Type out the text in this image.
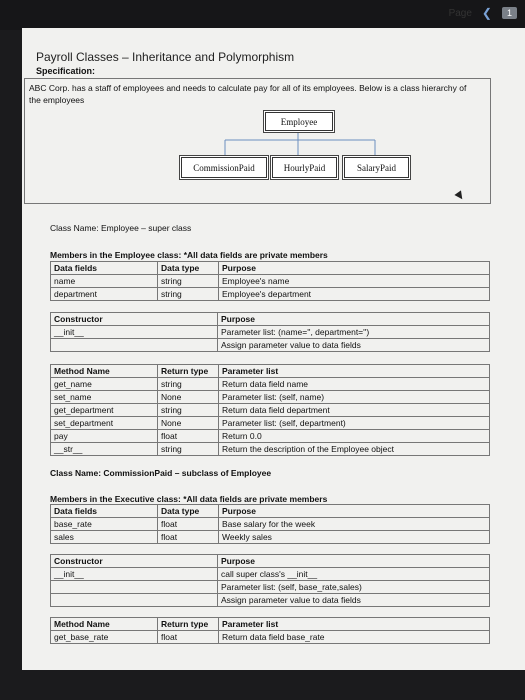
Page ❮	1
Payroll Classes – Inheritance and Polymorphism
Specification:
ABC Corp. has a staff of employees and needs to calculate pay for all of its employees. Below is a class hierarchy of the employees
Employee
CommissionPaid	HourlyPaid	SalaryPaid
Class Name: Employee – super class
Members in the Employee class: *All data fields are private members
Data fields	Data type	Purpose
name	string	Employee's name
department	string	Employee's department
Constructor	Purpose
__init__	Parameter list: (name='', department='')
	Assign parameter value to data fields
Method Name	Return type	Parameter list
get_name	string	Return data field name
set_name	None	Parameter list: (self, name)
get_department	string	Return data field department
set_department	None	Parameter list: (self, department)
pay	float	Return 0.0
__str__	string	Return the description of the Employee object
Class Name: CommissionPaid – subclass of Employee
Members in the Executive class: *All data fields are private members
Data fields	Data type	Purpose
base_rate	float	Base salary for the week
sales	float	Weekly sales
Constructor	Purpose
__init__	call super class's __init__
	Parameter list: (self, base_rate,sales)
	Assign parameter value to data fields
Method Name	Return type	Parameter list
get_base_rate	float	Return data field base_rate
